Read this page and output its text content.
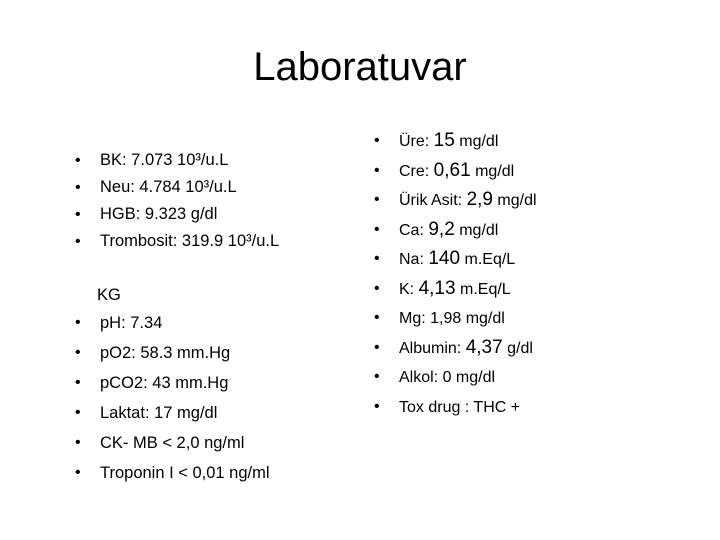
Laboratuvar
• BK: 7.073 10³/u.L
• Neu: 4.784 10³/u.L
• HGB: 9.323 g/dl
• Trombosit: 319.9 10³/u.L
KG
• pH: 7.34
• pO2: 58.3 mm.Hg
• pCO2: 43 mm.Hg
• Laktat: 17 mg/dl
• CK- MB < 2,0 ng/ml
• Troponin I < 0,01 ng/ml
• Üre: 15 mg/dl
• Cre: 0,61 mg/dl
• Ürik Asit: 2,9 mg/dl
• Ca: 9,2 mg/dl
• Na: 140 m.Eq/L
• K: 4,13 m.Eq/L
• Mg: 1,98 mg/dl
• Albumin: 4,37 g/dl
• Alkol: 0 mg/dl
• Tox drug : THC +
